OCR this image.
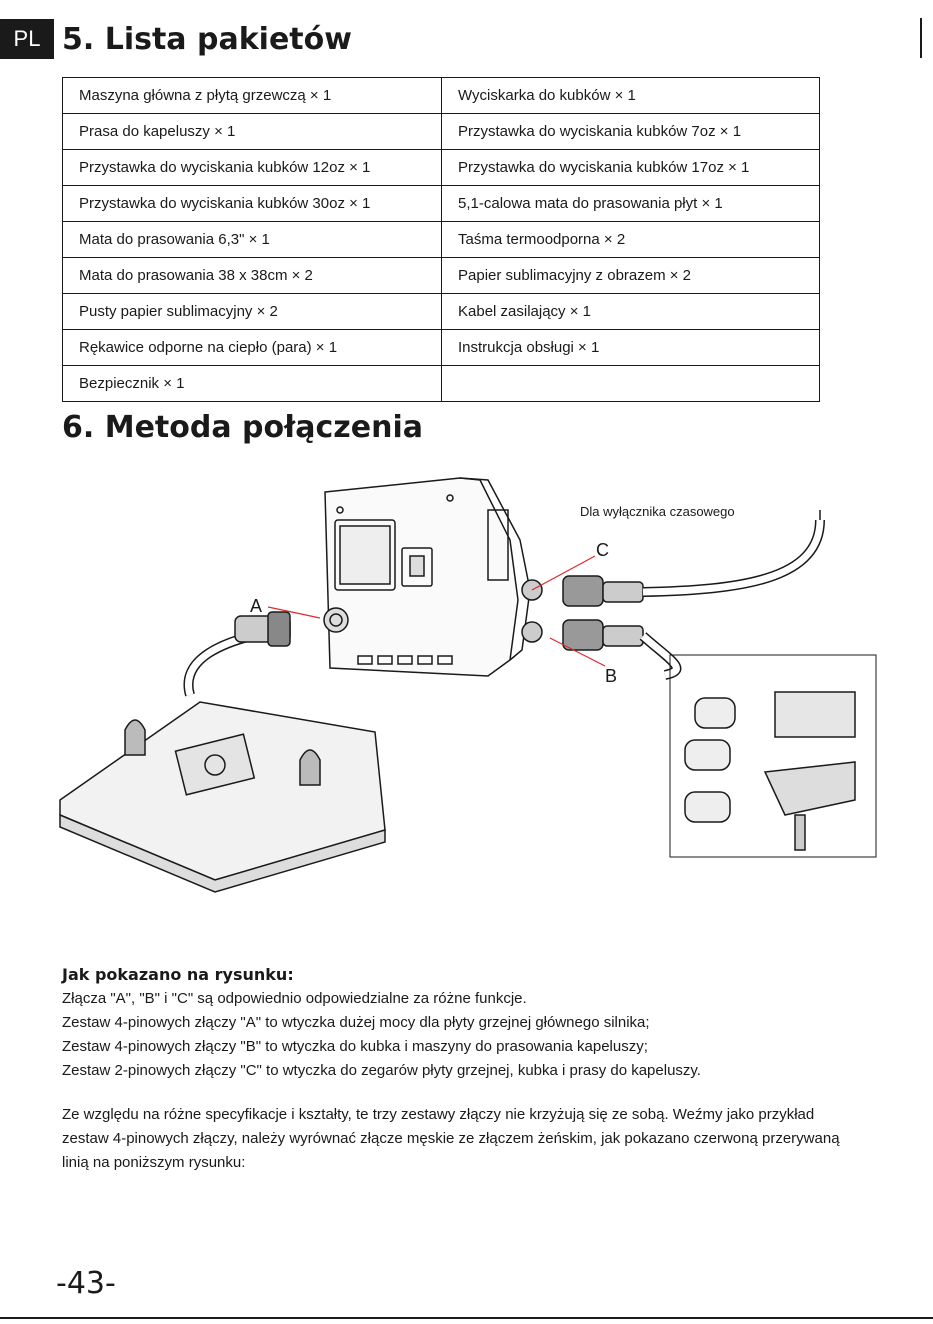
PL 5. Lista pakietów
Maszyna główna z płytą grzewczą × 1	Wyciskarka do kubków × 1
Prasa do kapeluszy × 1	Przystawka do wyciskania kubków 7oz × 1
Przystawka do wyciskania kubków 12oz × 1	Przystawka do wyciskania kubków 17oz × 1
Przystawka do wyciskania kubków 30oz × 1	5,1-calowa mata do prasowania płyt × 1
Mata do prasowania 6,3" × 1	Taśma termoodporna × 2
Mata do prasowania 38 x 38cm × 2	Papier sublimacyjny z obrazem × 2
Pusty papier sublimacyjny × 2	Kabel zasilający × 1
Rękawice odporne na ciepło (para) × 1	Instrukcja obsługi × 1
Bezpiecznik × 1	
6. Metoda połączenia
Dla wyłącznika czasowego
A
B
C
Jak pokazano na rysunku:
Złącza "A", "B" i "C" są odpowiednio odpowiedzialne za różne funkcje.
Zestaw 4-pinowych złączy "A" to wtyczka dużej mocy dla płyty grzejnej głównego silnika;
Zestaw 4-pinowych złączy "B" to wtyczka do kubka i maszyny do prasowania kapeluszy;
Zestaw 2-pinowych złączy "C" to wtyczka do zegarów płyty grzejnej, kubka i prasy do kapeluszy.
Ze względu na różne specyfikacje i kształty, te trzy zestawy złączy nie krzyżują się ze sobą. Weźmy jako przykład zestaw 4-pinowych złączy, należy wyrównać złącze męskie ze złączem żeńskim, jak pokazano czerwoną przerywaną linią na poniższym rysunku:
-43-
